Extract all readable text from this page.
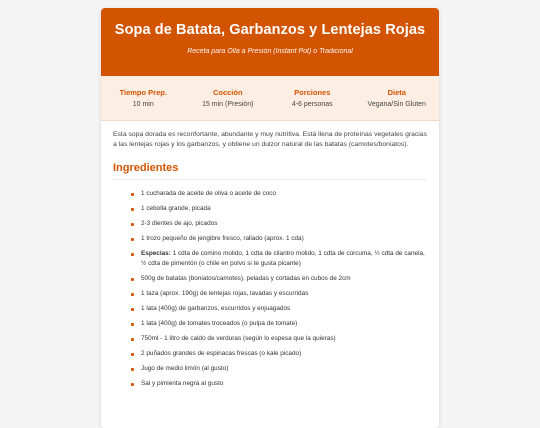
Sopa de Batata, Garbanzos y Lentejas Rojas
Receta para Olla a Presión (Instant Pot) o Tradicional
Tiempo Prep.
10 min
Cocción
15 min (Presión)
Porciones
4-6 personas
Dieta
Vegana/Sin Gluten

Esta sopa dorada es reconfortante, abundante y muy nutritiva. Está llena de proteínas vegetales gracias a las lentejas rojas y los garbanzos, y obtiene un dulzor natural de las batatas (camotes/boniatos).

Ingredientes
1 cucharada de aceite de oliva o aceite de coco
1 cebolla grande, picada
2-3 dientes de ajo, picados
1 trozo pequeño de jengibre fresco, rallado (aprox. 1 cda)
Especias: 1 cdta de comino molido, 1 cdta de cilantro molido, 1 cdta de cúrcuma, ½ cdta de canela, ½ cdta de pimentón (o chile en polvo si te gusta picante)
500g de batatas (boniatos/camotes), peladas y cortadas en cubos de 2cm
1 taza (aprox. 190g) de lentejas rojas, lavadas y escurridas
1 lata (400g) de garbanzos, escurridos y enjuagados
1 lata (400g) de tomates troceados (o pulpa de tomate)
750ml - 1 litro de caldo de verduras (según lo espesa que la quieras)
2 puñados grandes de espinacas frescas (o kale picado)
Jugo de medio limón (al gusto)
Sal y pimienta negra al gusto
